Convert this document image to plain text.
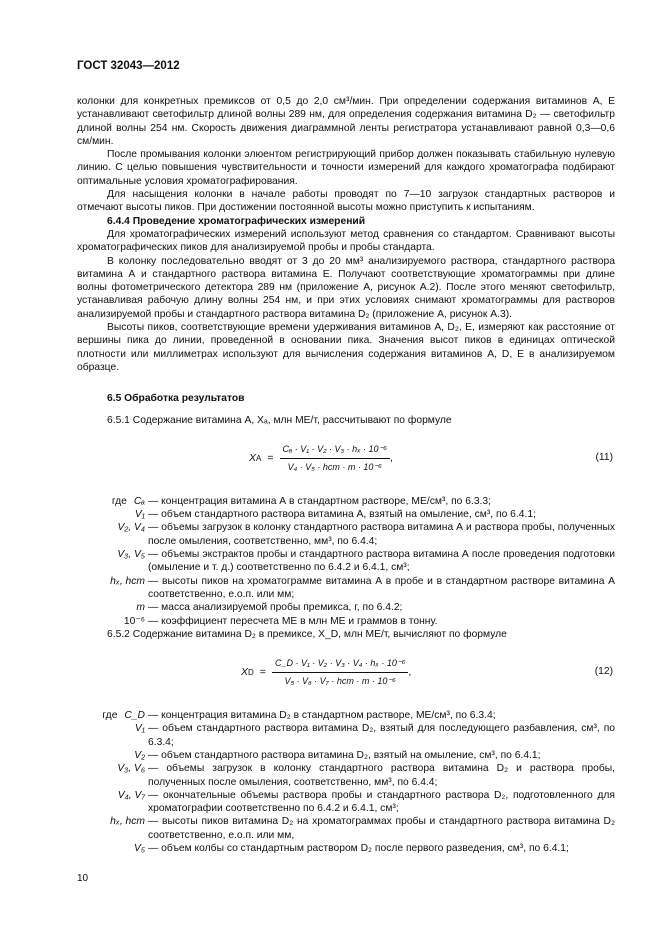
ГОСТ 32043—2012

колонки для конкретных премиксов от 0,5 до 2,0 см³/мин. При определении содержания витаминов А, Е устанавливают светофильтр длиной волны 289 нм, для определения содержания витамина D₂ — светофильтр длиной волны 254 нм. Скорость движения диаграммной ленты регистратора устанавливают равной 0,3—0,6 см/мин.

После промывания колонки элюентом регистрирующий прибор должен показывать стабильную нулевую линию. С целью повышения чувствительности и точности измерений для каждого хроматографа подбирают оптимальные условия хроматографирования.

Для насыщения колонки в начале работы проводят по 7—10 загрузок стандартных растворов и отмечают высоты пиков. При достижении постоянной высоты можно приступить к испытаниям.

6.4.4 Проведение хроматографических измерений

Для хроматографических измерений используют метод сравнения со стандартом. Сравнивают высоты хроматографических пиков для анализируемой пробы и пробы стандарта.

В колонку последовательно вводят от 3 до 20 мм³ анализируемого раствора, стандартного раствора витамина А и стандартного раствора витамина Е. Получают соответствующие хроматограммы при длине волны фотометрического детектора 289 нм (приложение А, рисунок А.2). После этого меняют светофильтр, устанавливая рабочую длину волны 254 нм, и при этих условиях снимают хроматограммы для растворов анализируемой пробы и стандартного раствора витамина D₂ (приложение А, рисунок А.3).

Высоты пиков, соответствующие времени удерживания витаминов А, D₂, Е, измеряют как расстояние от вершины пика до линии, проведенной в основании пика. Значения высот пиков в единицах оптической плотности или миллиметрах используют для вычисления содержания витаминов А, D, Е в анализируемом образце.

6.5 Обработка результатов

6.5.1 Содержание витамина А, Xₐ, млн МЕ/т, рассчитывают по формуле

X $A = \frac{\text{Cₐ · V₁ · V₂ · V₃ · hₓ · 10⁻⁶}}{\text{V₄ · V₅ · hст · m · 10⁻⁶}}$ ,	(11)
где Cₐ — концентрация витамина А в стандартном растворе, МЕ/см³, по 6.3.3;
V₁ — объем стандартного раствора витамина А, взятый на омыление, см³, по 6.4.1;
V₂, V₄ — объемы загрузок в колонку стандартного раствора витамина А и раствора пробы, полученных после омыления, соответственно, мм³, по 6.4.4;
V₃, V₅ — объемы экстрактов пробы и стандартного раствора витамина А после проведения подготовки (омыление и т. д.) соответственно по 6.4.2 и 6.4.1, см³;
hₓ, hст — высоты пиков на хроматограмме витамина А в пробе и в стандартном растворе витамина А соответственно, е.о.п. или мм;
m — масса анализируемой пробы премикса, г, по 6.4.2;
10⁻⁶ — коэффициент пересчета МЕ в млн МЕ и граммов в тонну.

6.5.2 Содержание витамина D₂ в премиксе, X_D, млн МЕ/т, вычисляют по формуле

X $D = \frac{\text{C\_D · V₁ · V₂ · V₃ · V₄ · hₓ · 10⁻⁶}}{\text{V₅ · V₆ · V₇ · hст · m · 10⁻⁶}}$ ,	(12)
где C_D — концентрация витамина D₂ в стандартном растворе, МЕ/см³, по 6.3.4;
V₁ — объем стандартного раствора витамина D₂, взятый для последующего разбавления, см³, по 6.3.4;
V₂ — объем стандартного раствора витамина D₂, взятый на омыление, см³, по 6.4.1;
V₃, V₆ — объемы загрузок в колонку стандартного раствора витамина D₂ и раствора пробы, полученных после омыления, соответственно, мм³, по 6.4.4;
V₄, V₇ — окончательные объемы раствора пробы и стандартного раствора D₂, подготовленного для хроматографии соответственно по 6.4.2 и 6.4.1, см³;
hₓ, hст — высоты пиков витамина D₂ на хроматограммах пробы и стандартного раствора витамина D₂ соответственно, е.о.п. или мм,
V₅ — объем колбы со стандартным раствором D₂ после первого разведения, см³, по 6.4.1;
10
